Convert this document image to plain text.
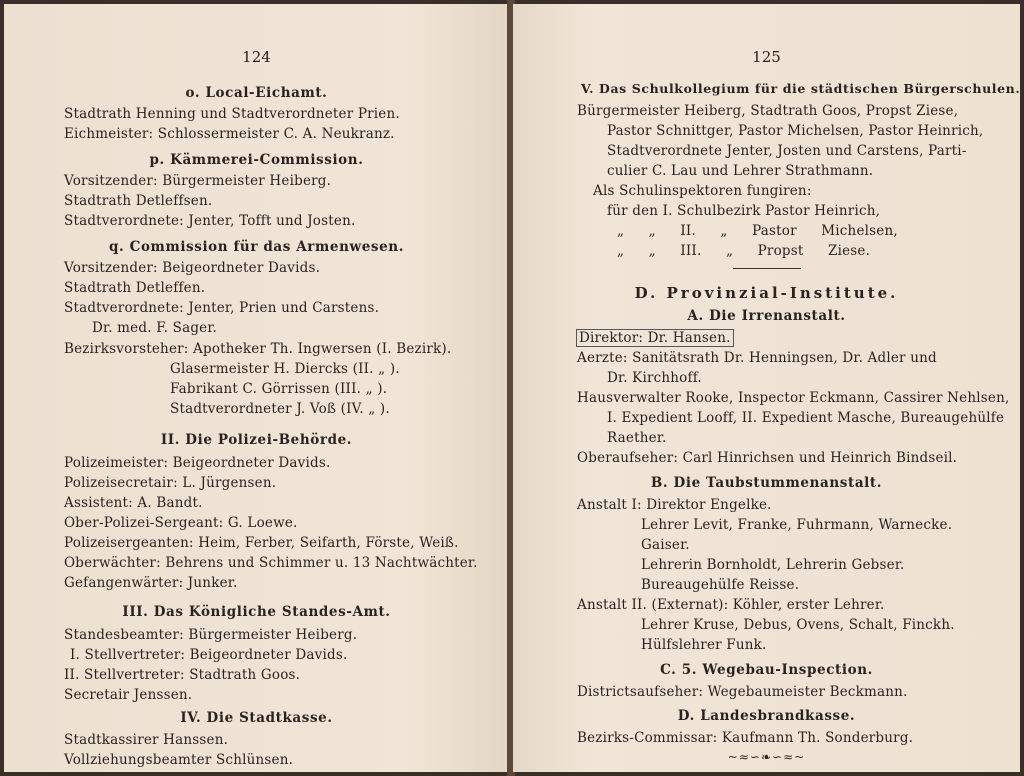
124
o. Local-Eichamt.
Stadtrath Henning und Stadtverordneter Prien.
Eichmeister: Schlossermeister C. A. Neukranz.
p. Kämmerei-Commission.
Vorsitzender: Bürgermeister Heiberg.
Stadtrath Detleffsen.
Stadtverordnete: Jenter, Tofft und Josten.
q. Commission für das Armenwesen.
Vorsitzender: Beigeordneter Davids.
Stadtrath Detleffen.
Stadtverordnete: Jenter, Prien und Carstens.
Dr. med. F. Sager.
Bezirksvorsteher: Apotheker Th. Ingwersen (I. Bezirk).
Glasermeister H. Diercks (II. „ ).
Fabrikant C. Görrissen (III. „ ).
Stadtverordneter J. Voß (IV. „ ).
II. Die Polizei-Behörde.
Polizeimeister: Beigeordneter Davids.
Polizeisecretair: L. Jürgensen.
Assistent: A. Bandt.
Ober-Polizei-Sergeant: G. Loewe.
Polizeisergeanten: Heim, Ferber, Seifarth, Förste, Weiß.
Oberwächter: Behrens und Schimmer u. 13 Nachtwächter.
Gefangenwärter: Junker.
III. Das Königliche Standes-Amt.
Standesbeamter: Bürgermeister Heiberg.
I. Stellvertreter: Beigeordneter Davids.
II. Stellvertreter: Stadtrath Goos.
Secretair Jenssen.
IV. Die Stadtkasse.
Stadtkassirer Hanssen.
Vollziehungsbeamter Schlünsen.
125
V. Das Schulkollegium für die städtischen Bürgerschulen.
Bürgermeister Heiberg, Stadtrath Goos, Propst Ziese,
Pastor Schnittger, Pastor Michelsen, Pastor Heinrich,
Stadtverordnete Jenter, Josten und Carstens, Parti-
culier C. Lau und Lehrer Strathmann.
Als Schulinspektoren fungiren:
für den I. Schulbezirk Pastor Heinrich,
„ „ II. „ Pastor Michelsen,
„ „ III. „ Propst Ziese.
D. Provinzial-Institute.
A. Die Irrenanstalt.
Direktor: Dr. Hansen.
Aerzte: Sanitätsrath Dr. Henningsen, Dr. Adler und
Dr. Kirchhoff.
Hausverwalter Rooke, Inspector Eckmann, Cassirer Nehlsen,
I. Expedient Looff, II. Expedient Masche, Bureaugehülfe
Raether.
Oberaufseher: Carl Hinrichsen und Heinrich Bindseil.
B. Die Taubstummenanstalt.
Anstalt I: Direktor Engelke.
Lehrer Levit, Franke, Fuhrmann, Warnecke.
Gaiser.
Lehrerin Bornholdt, Lehrerin Gebser.
Bureaugehülfe Reisse.
Anstalt II. (Externat): Köhler, erster Lehrer.
Lehrer Kruse, Debus, Ovens, Schalt, Finckh.
Hülfslehrer Funk.
C. 5. Wegebau-Inspection.
Districtsaufseher: Wegebaumeister Beckmann.
D. Landesbrandkasse.
Bezirks-Commissar: Kaufmann Th. Sonderburg.
~≈∽❧∽≈~
